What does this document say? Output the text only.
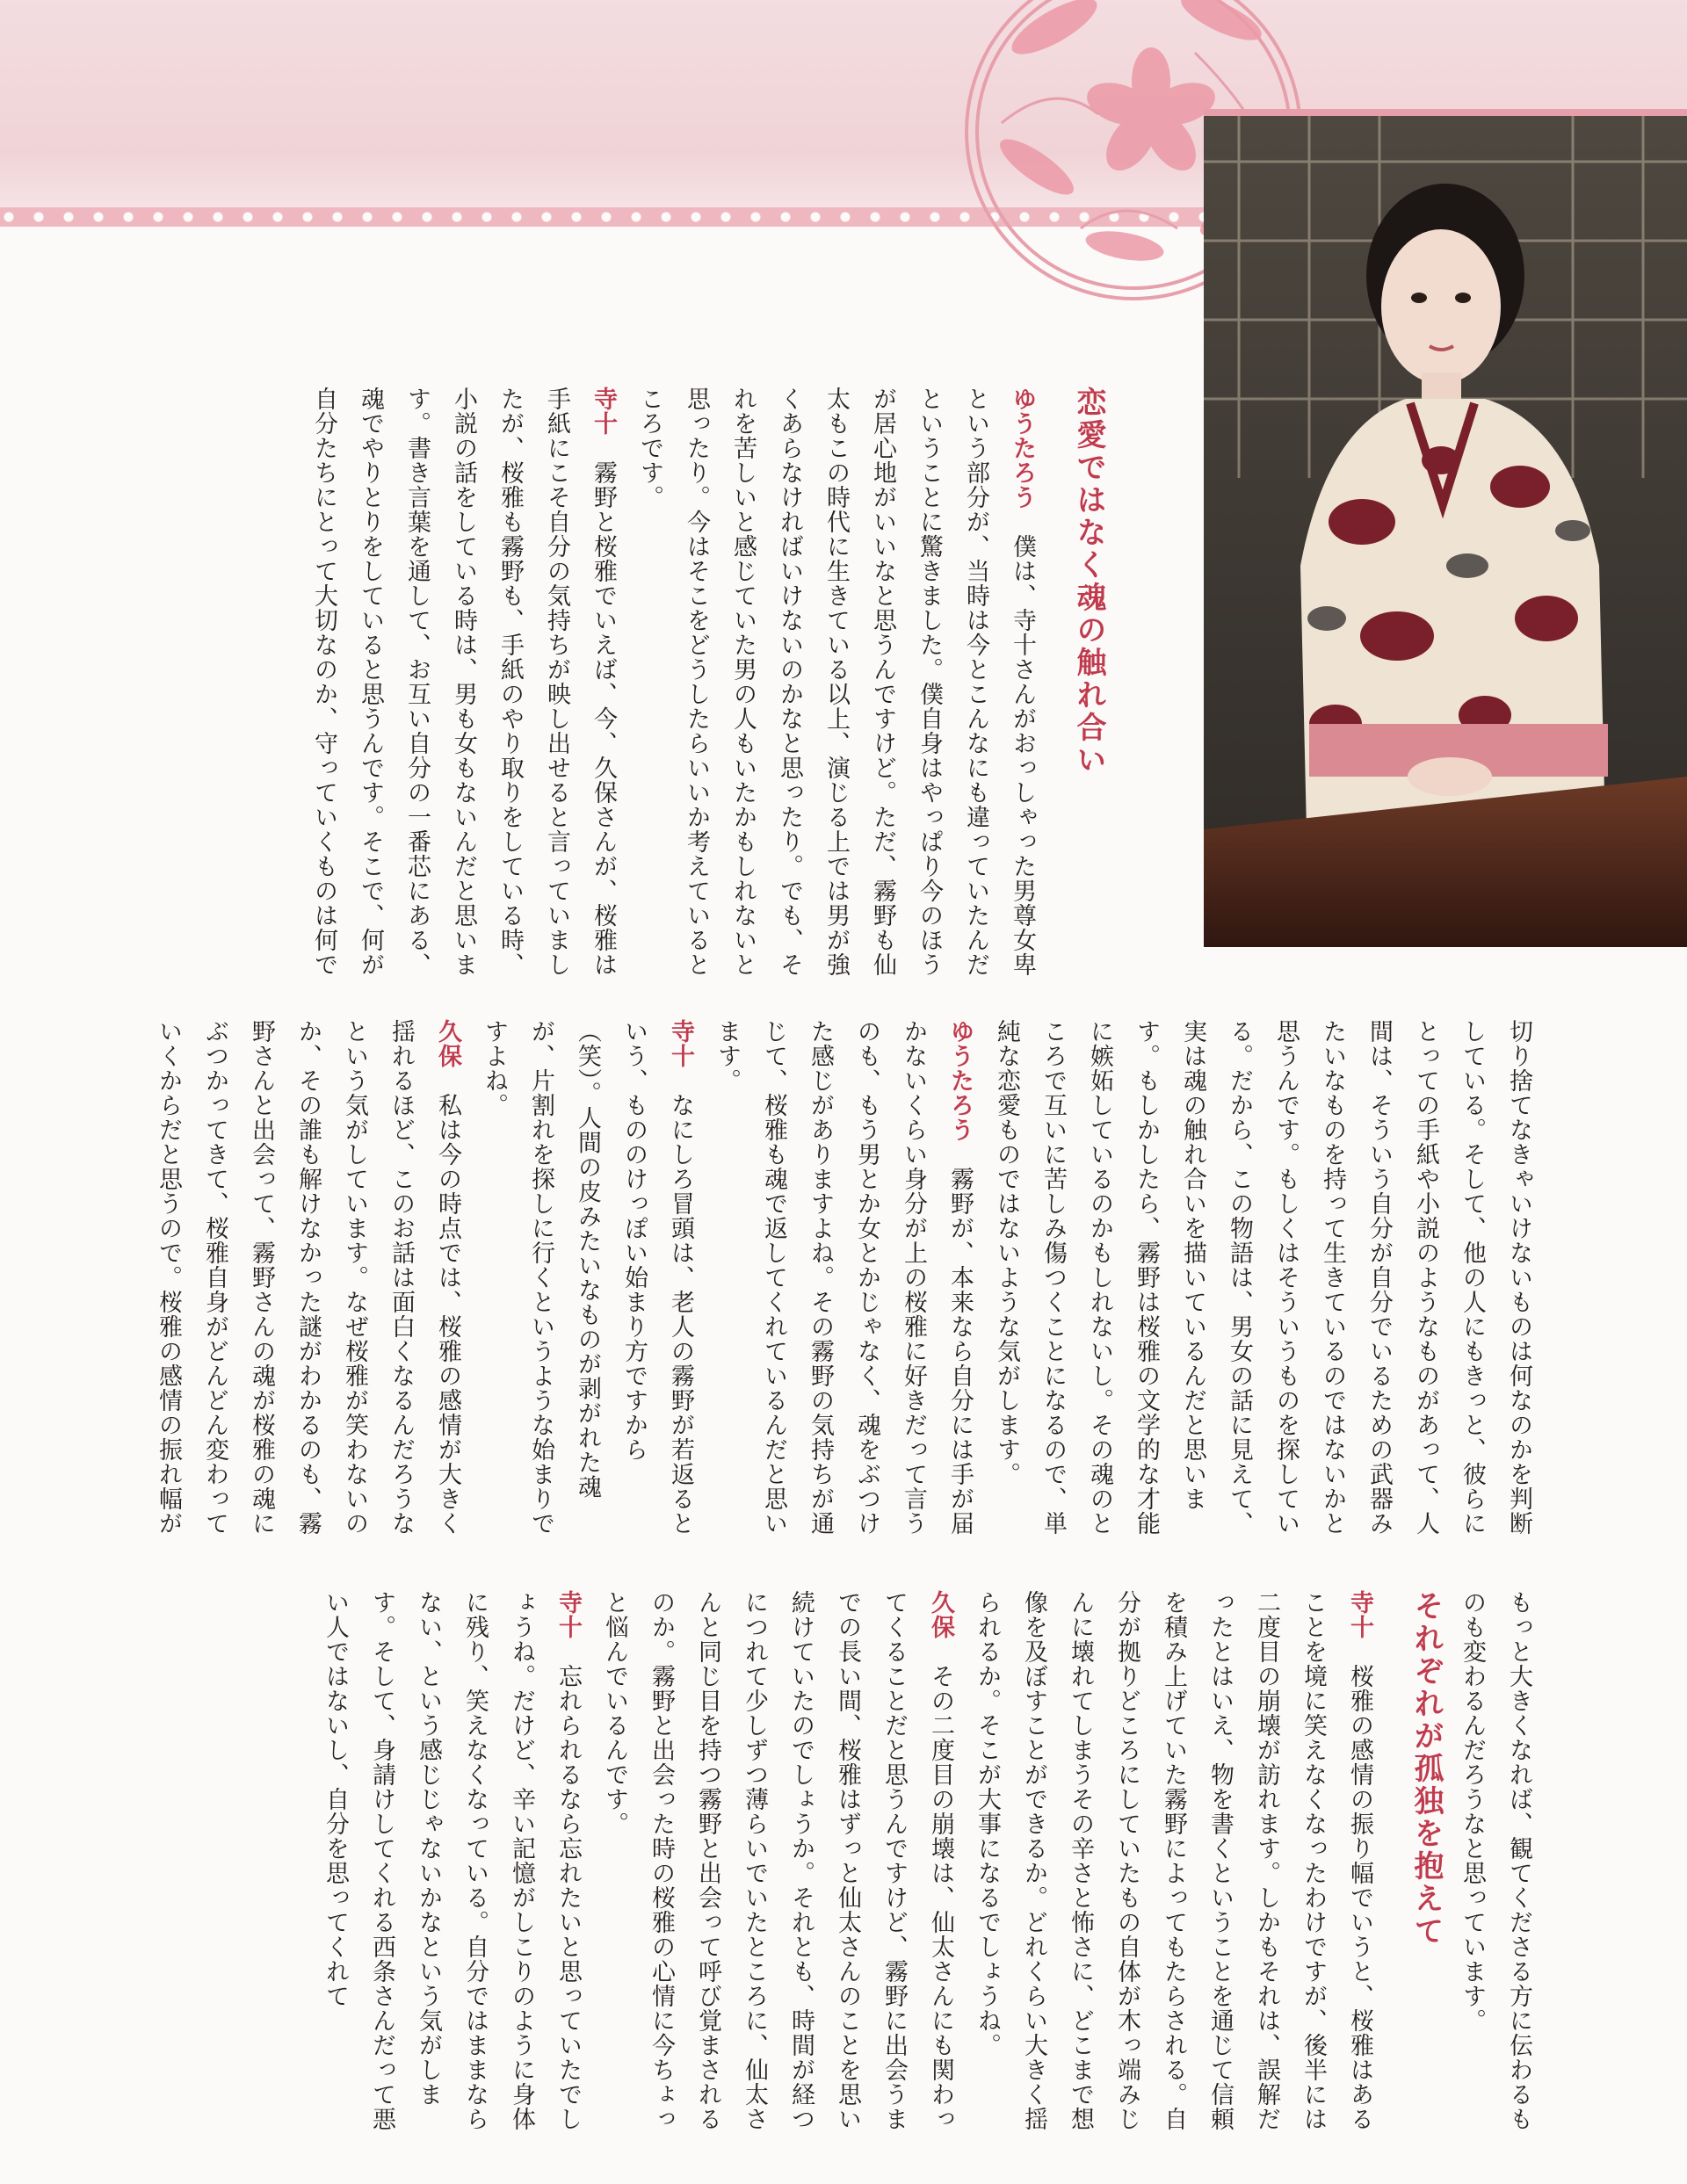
恋愛ではなく魂の触れ合い

ゆうたろう僕は、寺十さんがおっしゃった男尊女卑という部分が、当時は今とこんなにも違っていたんだということに驚きました。僕自身はやっぱり今のほうが居心地がいいなと思うんですけど。ただ、霧野も仙太もこの時代に生きている以上、演じる上では男が強くあらなければいけないのかなと思ったり。でも、それを苦しいと感じていた男の人もいたかもしれないと思ったり。今はそこをどうしたらいいか考えているところです。

寺十霧野と桜雅でいえば、今、久保さんが、桜雅は手紙にこそ自分の気持ちが映し出せると言っていましたが、桜雅も霧野も、手紙のやり取りをしている時、小説の話をしている時は、男も女もないんだと思います。書き言葉を通して、お互い自分の一番芯にある、魂でやりとりをしていると思うんです。そこで、何が自分たちにとって大切なのか、守っていくものは何で

切り捨てなきゃいけないものは何なのかを判断している。そして、他の人にもきっと、彼らにとっての手紙や小説のようなものがあって、人間は、そういう自分が自分でいるための武器みたいなものを持って生きているのではないかと思うんです。もしくはそういうものを探している。だから、この物語は、男女の話に見えて、実は魂の触れ合いを描いているんだと思います。もしかしたら、霧野は桜雅の文学的な才能に嫉妬しているのかもしれないし。その魂のところで互いに苦しみ傷つくことになるので、単純な恋愛ものではないような気がします。

ゆうたろう霧野が、本来なら自分には手が届かないくらい身分が上の桜雅に好きだって言うのも、もう男とか女とかじゃなく、魂をぶつけた感じがありますよね。その霧野の気持ちが通じて、桜雅も魂で返してくれているんだと思います。

寺十なにしろ冒頭は、老人の霧野が若返るという、もののけっぽい始まり方ですから（笑）。人間の皮みたいなものが剥がれた魂が、片割れを探しに行くというような始まりですよね。

久保私は今の時点では、桜雅の感情が大きく揺れるほど、このお話は面白くなるんだろうなという気がしています。なぜ桜雅が笑わないのか、その誰も解けなかった謎がわかるのも、霧野さんと出会って、霧野さんの魂が桜雅の魂にぶつかってきて、桜雅自身がどんどん変わっていくからだと思うので。桜雅の感情の振れ幅が

もっと大きくなれば、観てくださる方に伝わるものも変わるんだろうなと思っています。

それぞれが孤独を抱えて

寺十桜雅の感情の振り幅でいうと、桜雅はあることを境に笑えなくなったわけですが、後半には二度目の崩壊が訪れます。しかもそれは、誤解だったとはいえ、物を書くということを通じて信頼を積み上げていた霧野によってもたらされる。自分が拠りどころにしていたもの自体が木っ端みじんに壊れてしまうその辛さと怖さに、どこまで想像を及ぼすことができるか。どれくらい大きく揺られるか。そこが大事になるでしょうね。

久保その二度目の崩壊は、仙太さんにも関わってくることだと思うんですけど、霧野に出会うまでの長い間、桜雅はずっと仙太さんのことを思い続けていたのでしょうか。それとも、時間が経つにつれて少しずつ薄らいでいたところに、仙太さんと同じ目を持つ霧野と出会って呼び覚まされるのか。霧野と出会った時の桜雅の心情に今ちょっと悩んでいるんです。

寺十忘れられるなら忘れたいと思っていたでしょうね。だけど、辛い記憶がしこりのように身体に残り、笑えなくなっている。自分ではままならない、という感じじゃないかなという気がします。そして、身請けしてくれる西条さんだって悪い人ではないし、自分を思ってくれて
